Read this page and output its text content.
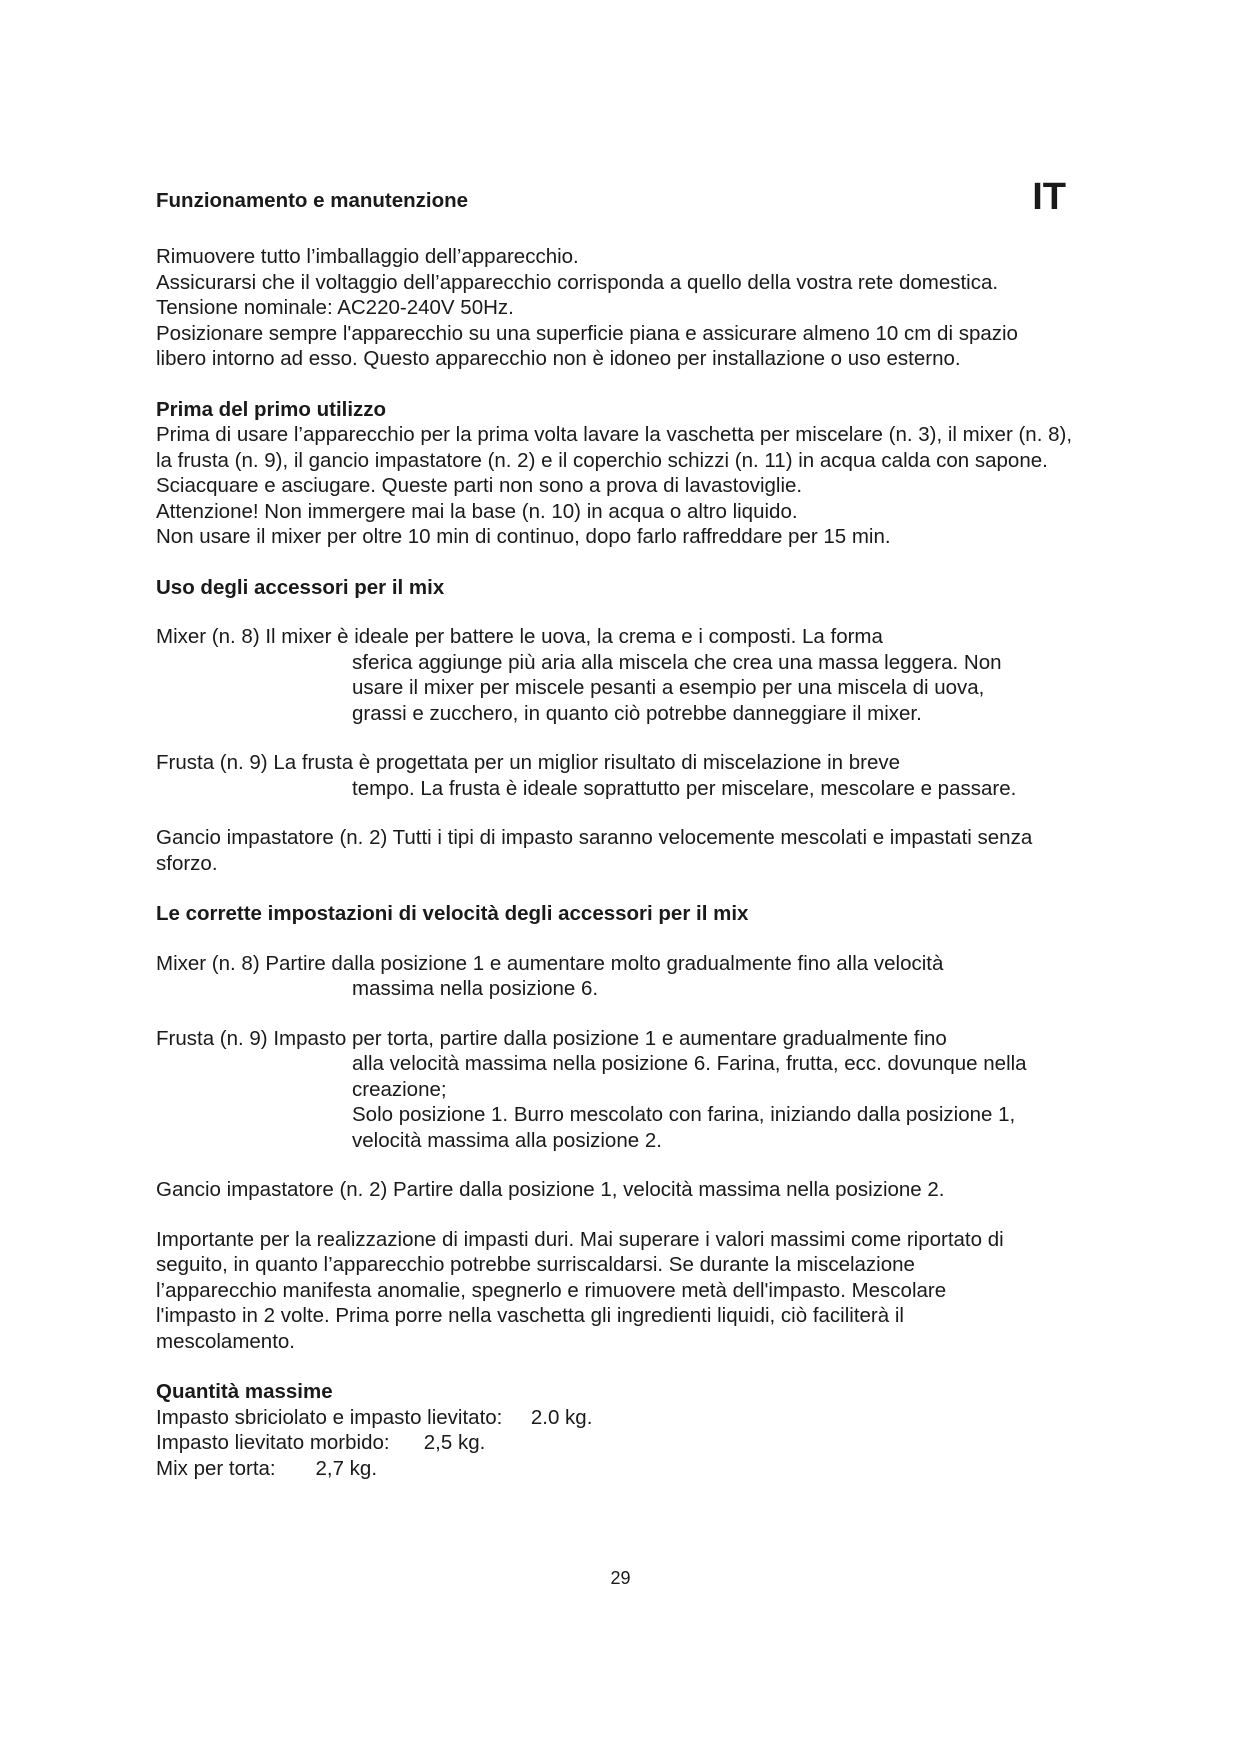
Funzionamento e manutenzione	IT

Rimuovere tutto l’imballaggio dell’apparecchio.

Assicurarsi che il voltaggio dell’apparecchio corrisponda a quello della vostra rete domestica.

Tensione nominale: AC220-240V 50Hz.

Posizionare sempre l'apparecchio su una superficie piana e assicurare almeno 10 cm di spazio libero intorno ad esso. Questo apparecchio non è idoneo per installazione o uso esterno.

Prima del primo utilizzo

Prima di usare l’apparecchio per la prima volta lavare la vaschetta per miscelare (n. 3), il mixer (n. 8), la frusta (n. 9), il gancio impastatore (n. 2) e il coperchio schizzi (n. 11) in acqua calda con sapone. Sciacquare e asciugare. Queste parti non sono a prova di lavastoviglie.

Attenzione! Non immergere mai la base (n. 10) in acqua o altro liquido.

Non usare il mixer per oltre 10 min di continuo, dopo farlo raffreddare per 15 min.

Uso degli accessori per il mix

Mixer (n. 8) Il mixer è ideale per battere le uova, la crema e i composti. La forma
sferica aggiunge più aria alla miscela che crea una massa leggera. Non
usare il mixer per miscele pesanti a esempio per una miscela di uova,
grassi e zucchero, in quanto ciò potrebbe danneggiare il mixer.
Frusta (n. 9) La frusta è progettata per un miglior risultato di miscelazione in breve
tempo. La frusta è ideale soprattutto per miscelare, mescolare e passare.

Gancio impastatore (n. 2) Tutti i tipi di impasto saranno velocemente mescolati e impastati senza sforzo.

Le corrette impostazioni di velocità degli accessori per il mix

Mixer (n. 8) Partire dalla posizione 1 e aumentare molto gradualmente fino alla velocità
massima nella posizione 6.
Frusta (n. 9) Impasto per torta, partire dalla posizione 1 e aumentare gradualmente fino
alla velocità massima nella posizione 6. Farina, frutta, ecc. dovunque nella
creazione;
Solo posizione 1. Burro mescolato con farina, iniziando dalla posizione 1,
velocità massima alla posizione 2.

Gancio impastatore (n. 2) Partire dalla posizione 1, velocità massima nella posizione 2.

Importante per la realizzazione di impasti duri. Mai superare i valori massimi come riportato di
seguito, in quanto l’apparecchio potrebbe surriscaldarsi. Se durante la miscelazione
l’apparecchio manifesta anomalie, spegnerlo e rimuovere metà dell'impasto. Mescolare
l'impasto in 2 volte. Prima porre nella vaschetta gli ingredienti liquidi, ciò faciliterà il
mescolamento.

Quantità massime

Impasto sbriciolato e impasto lievitato:     2.0 kg.
Impasto lievitato morbido:      2,5 kg.
Mix per torta:       2,7 kg.
29
